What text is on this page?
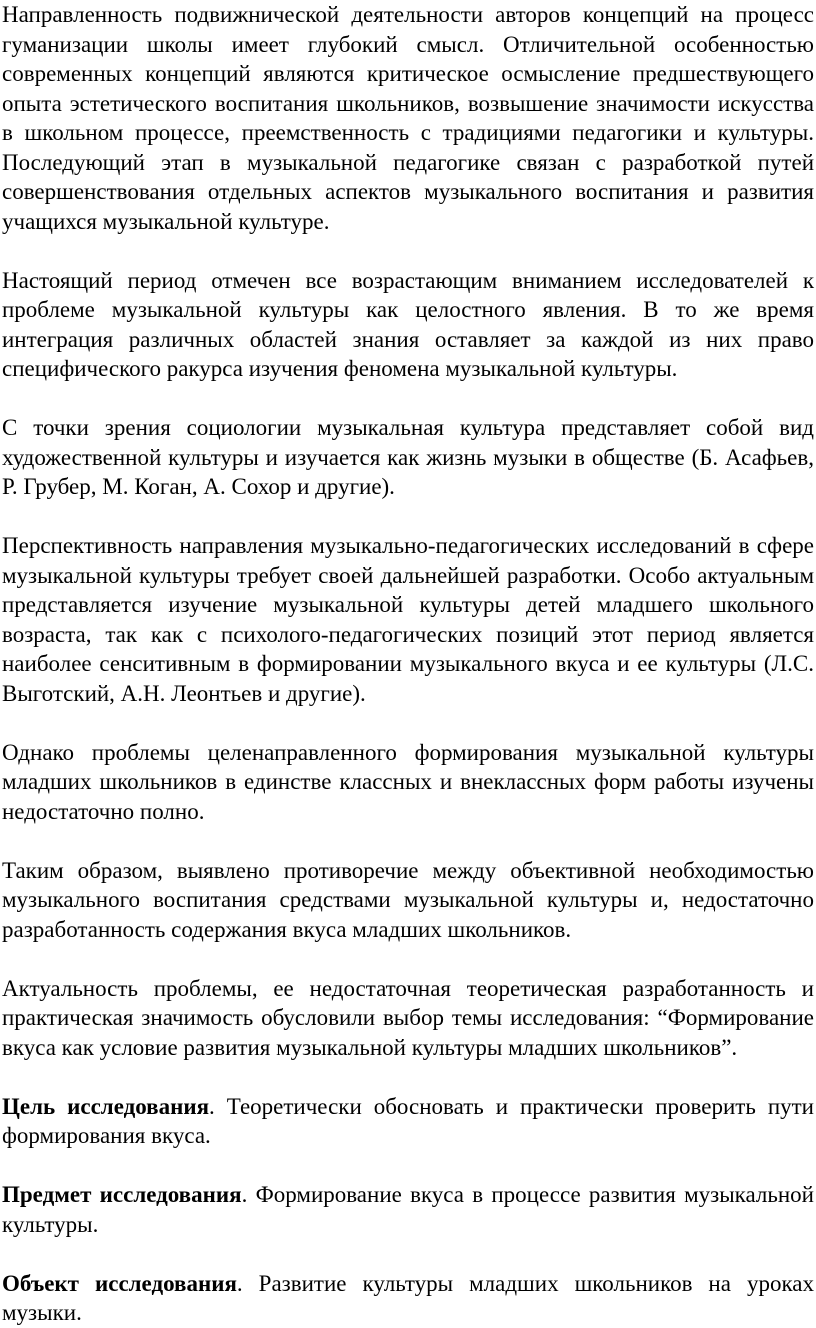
Направленность подвижнической деятельности авторов концепций на процесс гуманизации школы имеет глубокий смысл. Отличительной особенностью современных концепций являются критическое осмысление предшествующего опыта эстетического воспитания школьников, возвышение значимости искусства в школьном процессе, преемственность с традициями педагогики и культуры. Последующий этап в музыкальной педагогике связан с разработкой путей совершенствования отдельных аспектов музыкального воспитания и развития учащихся музыкальной культуре.

Настоящий период отмечен все возрастающим вниманием исследователей к проблеме музыкальной культуры как целостного явления. В то же время интеграция различных областей знания оставляет за каждой из них право специфического ракурса изучения феномена музыкальной культуры.

С точки зрения социологии музыкальная культура представляет собой вид художественной культуры и изучается как жизнь музыки в обществе (Б. Асафьев, Р. Грубер, М. Коган, А. Сохор и другие).

Перспективность направления музыкально-педагогических исследований в сфере музыкальной культуры требует своей дальнейшей разработки. Особо актуальным представляется изучение музыкальной культуры детей младшего школьного возраста, так как с психолого-педагогических позиций этот период является наиболее сенситивным в формировании музыкального вкуса и ее культуры (Л.С. Выготский, А.Н. Леонтьев и другие).

Однако проблемы целенаправленного формирования музыкальной культуры младших школьников в единстве классных и внеклассных форм работы изучены недостаточно полно.

Таким образом, выявлено противоречие между объективной необходимостью музыкального воспитания средствами музыкальной культуры и, недостаточно разработанность содержания вкуса младших школьников.

Актуальность проблемы, ее недостаточная теоретическая разработанность и практическая значимость обусловили выбор темы исследования: “Формирование вкуса как условие развития музыкальной культуры младших школьников”.

Цель исследования. Теоретически обосновать и практически проверить пути формирования вкуса.

Предмет исследования. Формирование вкуса в процессе развития музыкальной культуры.

Объект исследования. Развитие культуры младших школьников на уроках музыки.
